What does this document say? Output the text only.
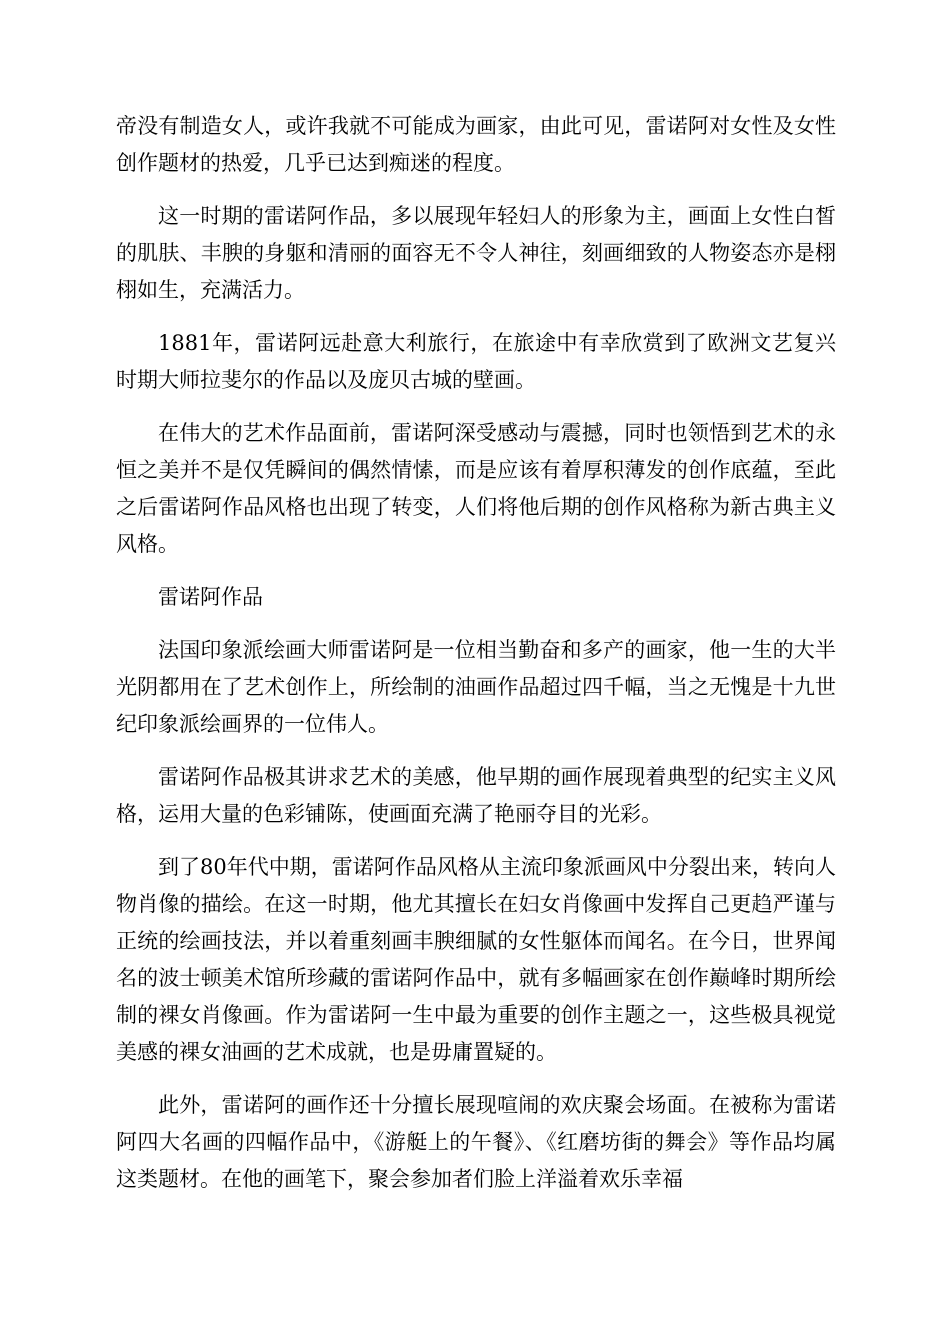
帝没有制造女人，或许我就不可能成为画家，由此可见，雷诺阿对女性及女性创作题材的热爱，几乎已达到痴迷的程度。

这一时期的雷诺阿作品，多以展现年轻妇人的形象为主，画面上女性白皙的肌肤、丰腴的身躯和清丽的面容无不令人神往，刻画细致的人物姿态亦是栩栩如生，充满活力。

1881年，雷诺阿远赴意大利旅行，在旅途中有幸欣赏到了欧洲文艺复兴时期大师拉斐尔的作品以及庞贝古城的壁画。

在伟大的艺术作品面前，雷诺阿深受感动与震撼，同时也领悟到艺术的永恒之美并不是仅凭瞬间的偶然情愫，而是应该有着厚积薄发的创作底蕴，至此之后雷诺阿作品风格也出现了转变，人们将他后期的创作风格称为新古典主义风格。

雷诺阿作品

法国印象派绘画大师雷诺阿是一位相当勤奋和多产的画家，他一生的大半光阴都用在了艺术创作上，所绘制的油画作品超过四千幅，当之无愧是十九世纪印象派绘画界的一位伟人。

雷诺阿作品极其讲求艺术的美感，他早期的画作展现着典型的纪实主义风格，运用大量的色彩铺陈，使画面充满了艳丽夺目的光彩。

到了80年代中期，雷诺阿作品风格从主流印象派画风中分裂出来，转向人物肖像的描绘。在这一时期，他尤其擅长在妇女肖像画中发挥自己更趋严谨与正统的绘画技法，并以着重刻画丰腴细腻的女性躯体而闻名。在今日，世界闻名的波士顿美术馆所珍藏的雷诺阿作品中，就有多幅画家在创作巅峰时期所绘制的裸女肖像画。作为雷诺阿一生中最为重要的创作主题之一，这些极具视觉美感的裸女油画的艺术成就，也是毋庸置疑的。

此外，雷诺阿的画作还十分擅长展现喧闹的欢庆聚会场面。在被称为雷诺阿四大名画的四幅作品中，《游艇上的午餐》、《红磨坊街的舞会》等作品均属这类题材。在他的画笔下，聚会参加者们脸上洋溢着欢乐幸福
